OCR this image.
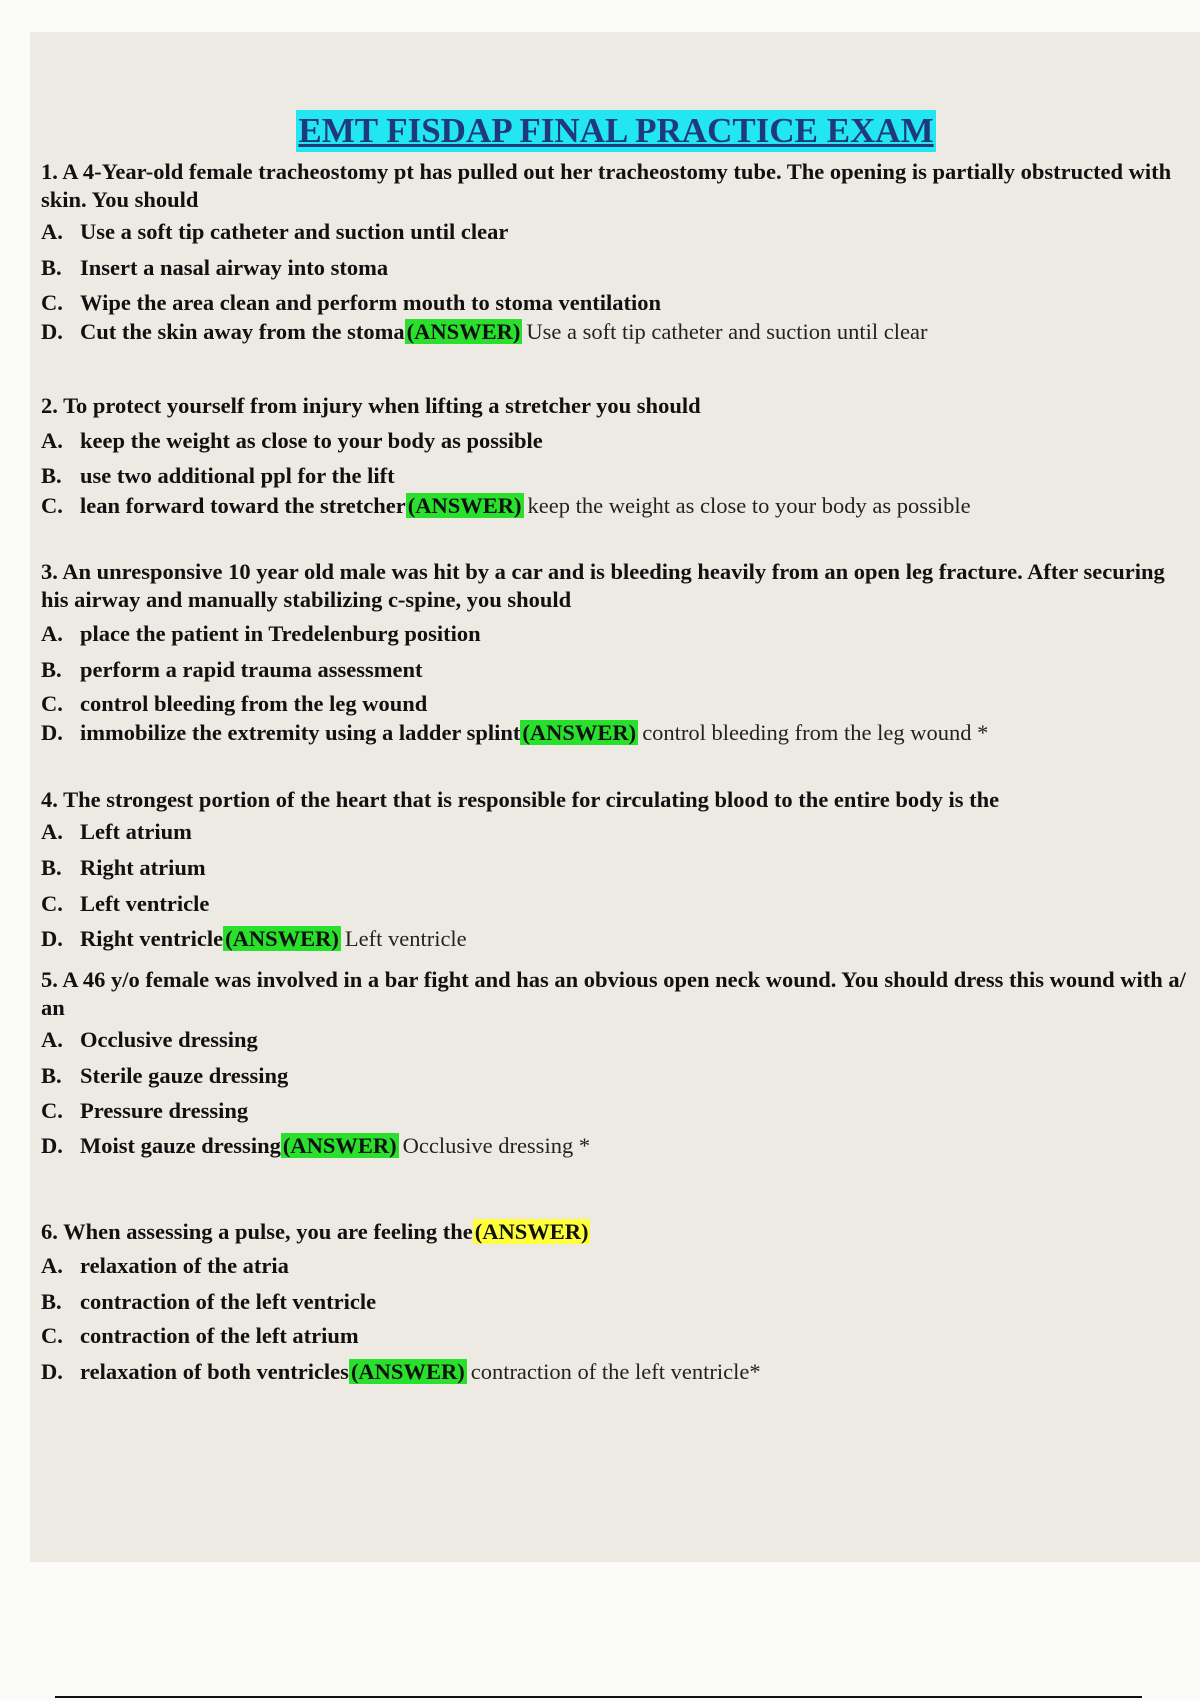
EMT FISDAP FINAL PRACTICE EXAM
1. A 4-Year-old female tracheostomy pt has pulled out her tracheostomy tube. The opening is partially obstructed with skin. You should
A. Use a soft tip catheter and suction until clear
B. Insert a nasal airway into stoma
C. Wipe the area clean and perform mouth to stoma ventilation
D. Cut the skin away from the stoma(ANSWER) Use a soft tip catheter and suction until clear
2. To protect yourself from injury when lifting a stretcher you should
A. keep the weight as close to your body as possible
B. use two additional ppl for the lift
C. lean forward toward the stretcher(ANSWER) keep the weight as close to your body as possible
3. An unresponsive 10 year old male was hit by a car and is bleeding heavily from an open leg fracture. After securing his airway and manually stabilizing c-spine, you should
A. place the patient in Tredelenburg position
B. perform a rapid trauma assessment
C. control bleeding from the leg wound
D. immobilize the extremity using a ladder splint(ANSWER) control bleeding from the leg wound *
4. The strongest portion of the heart that is responsible for circulating blood to the entire body is the
A. Left atrium
B. Right atrium
C. Left ventricle
D. Right ventricle(ANSWER) Left ventricle
5. A 46 y/o female was involved in a bar fight and has an obvious open neck wound. You should dress this wound with a/ an
A. Occlusive dressing
B. Sterile gauze dressing
C. Pressure dressing
D. Moist gauze dressing(ANSWER) Occlusive dressing *
6. When assessing a pulse, you are feeling the(ANSWER)
A. relaxation of the atria
B. contraction of the left ventricle
C. contraction of the left atrium
D. relaxation of both ventricles(ANSWER) contraction of the left ventricle*
